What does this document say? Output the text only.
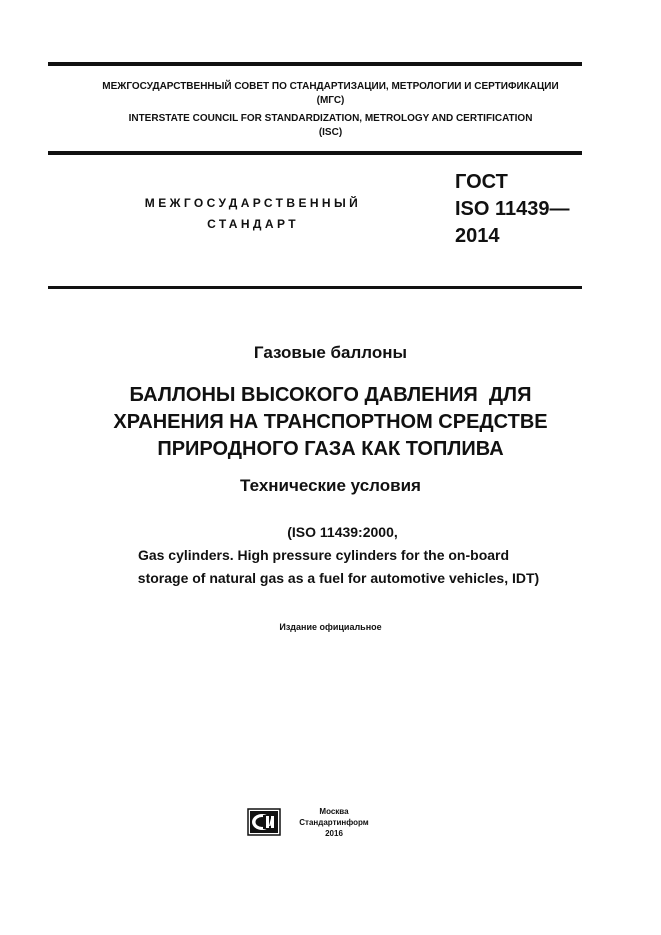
МЕЖГОСУДАРСТВЕННЫЙ СОВЕТ ПО СТАНДАРТИЗАЦИИ, МЕТРОЛОГИИ И СЕРТИФИКАЦИИ
(МГС)
INTERSTATE COUNCIL FOR STANDARDIZATION, METROLOGY AND CERTIFICATION
(ISC)
МЕЖГОСУДАРСТВЕННЫЙ
СТАНДАРТ
ГОСТ
ISO 11439—
2014
Газовые баллоны
БАЛЛОНЫ ВЫСОКОГО ДАВЛЕНИЯ  ДЛЯ
ХРАНЕНИЯ НА ТРАНСПОРТНОМ СРЕДСТВЕ
ПРИРОДНОГО ГАЗА КАК ТОПЛИВА
Технические условия
(ISO 11439:2000,
Gas cylinders. High pressure cylinders for the on-board
storage of natural gas as a fuel for automotive vehicles, IDT)
Издание официальное
Москва
Стандартинформ
2016
